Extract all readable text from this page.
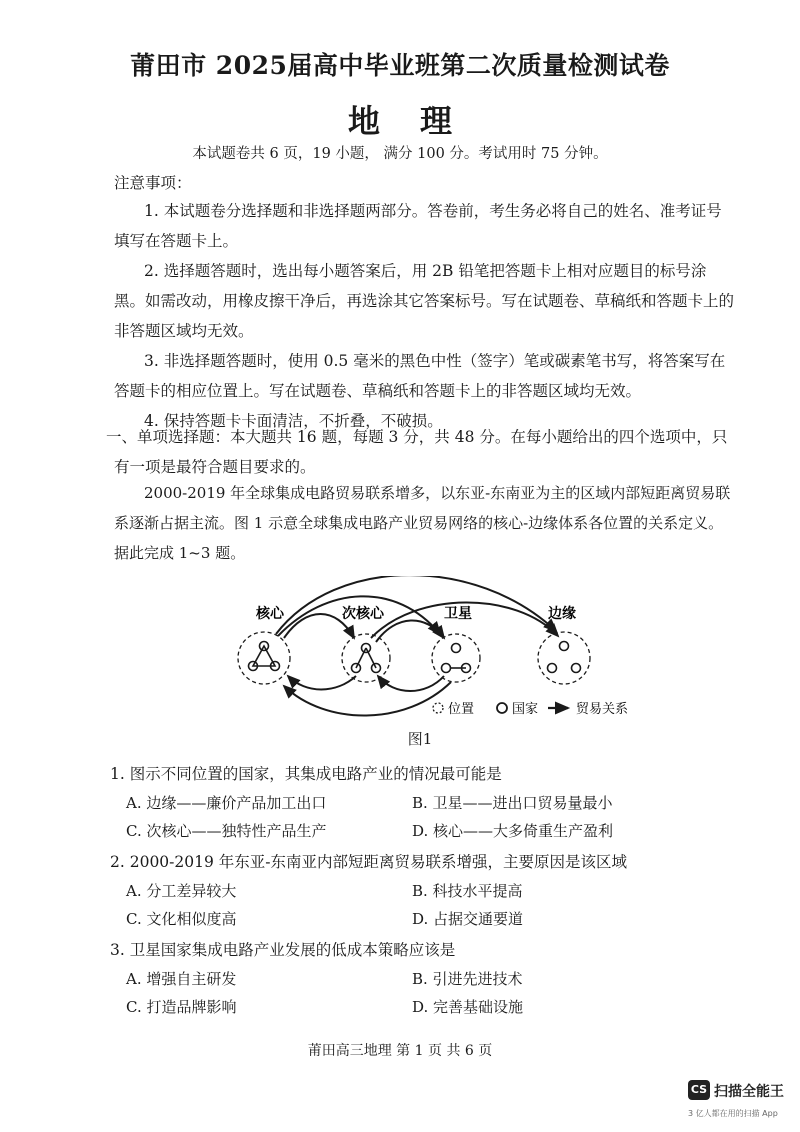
莆田市 2025届高中毕业班第二次质量检测试卷
地理
本试题卷共 6 页，19 小题， 满分 100 分。考试用时 75 分钟。
注意事项：

1. 本试题卷分选择题和非选择题两部分。答卷前，考生务必将自己的姓名、准考证号填写在答题卡上。

2. 选择题答题时，选出每小题答案后，用 2B 铅笔把答题卡上相对应题目的标号涂黑。如需改动，用橡皮擦干净后，再选涂其它答案标号。写在试题卷、草稿纸和答题卡上的非答题区域均无效。

3. 非选择题答题时，使用 0.5 毫米的黑色中性（签字）笔或碳素笔书写，将答案写在答题卡的相应位置上。写在试题卷、草稿纸和答题卡上的非答题区域均无效。

4. 保持答题卡卡面清洁，不折叠，不破损。

一、单项选择题：本大题共 16 题，每题 3 分，共 48 分。在每小题给出的四个选项中，只有一项是最符合题目要求的。

2000-2019 年全球集成电路贸易联系增多，以东亚-东南亚为主的区域内部短距离贸易联系逐渐占据主流。图 1 示意全球集成电路产业贸易网络的核心-边缘体系各位置的关系定义。据此完成 1~3 题。

核心	次核心	卫星	边缘
位置	国家	贸易关系
图1
1. 图示不同位置的国家，其集成电路产业的情况最可能是
A. 边缘——廉价产品加工出口	B. 卫星——进出口贸易量最小
C. 次核心——独特性产品生产	D. 核心——大多倚重生产盈利
2. 2000-2019 年东亚-东南亚内部短距离贸易联系增强，主要原因是该区域
A. 分工差异较大	B. 科技水平提高
C. 文化相似度高	D. 占据交通要道
3. 卫星国家集成电路产业发展的低成本策略应该是
A. 增强自主研发	B. 引进先进技术
C. 打造品牌影响	D. 完善基础设施
莆田高三地理 第 1 页 共 6 页
CS 扫描全能王
3 亿人都在用的扫描 App
